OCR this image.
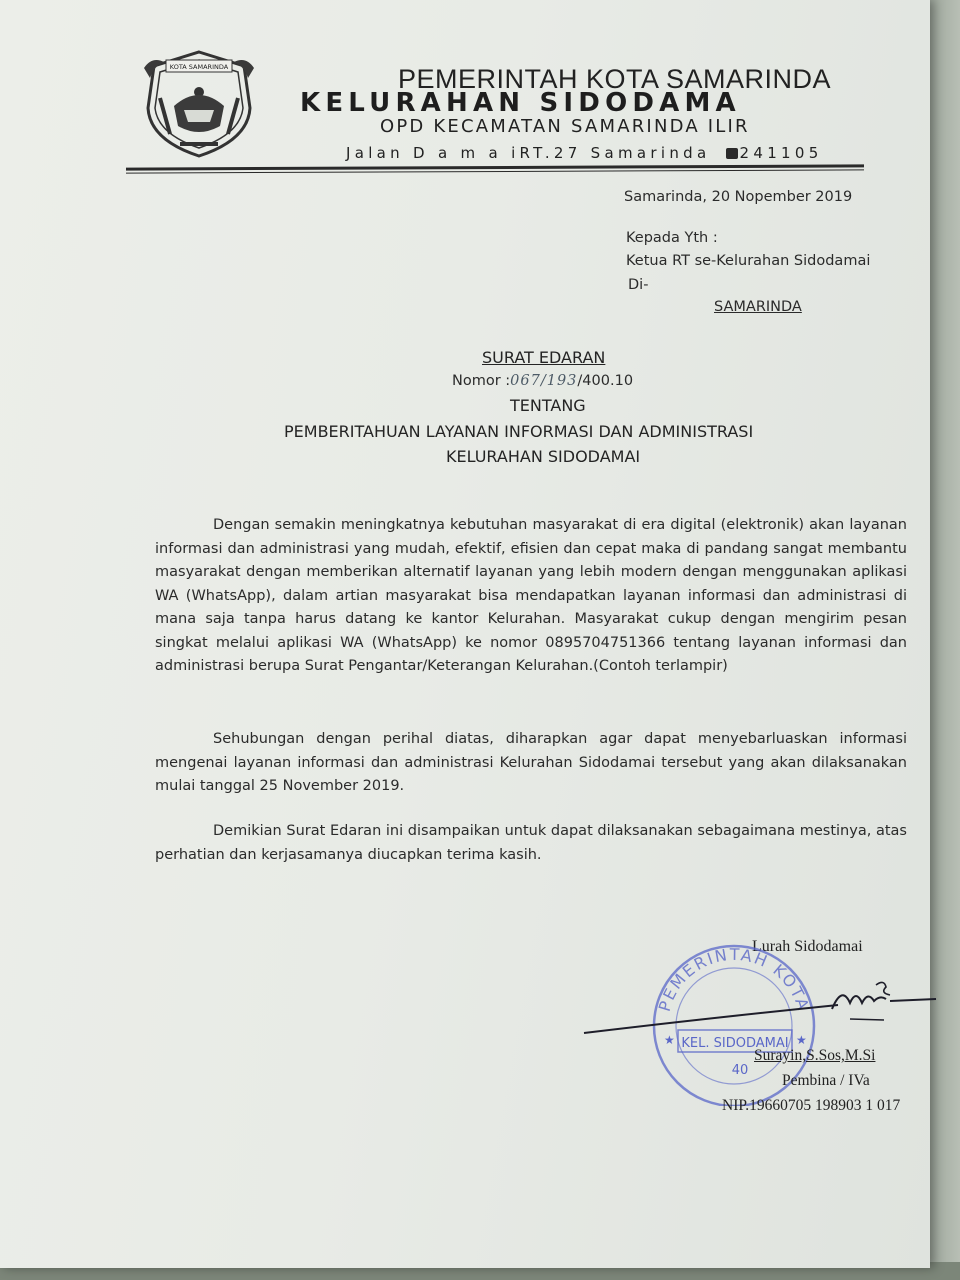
KOTA SAMARINDA	PEMERINTAH KOTA SAMARINDA
KELURAHAN SIDODAMA
OPD KECAMATAN SAMARINDA ILIR
Jalan D a m a iRT.27 Samarinda 241105
Samarinda, 20 Nopember 2019
Kepada Yth :
Ketua RT se-Kelurahan Sidodamai
Di-
SAMARINDA
SURAT EDARAN
Nomor :067/193/400.10
TENTANG
PEMBERITAHUAN LAYANAN INFORMASI DAN ADMINISTRASI
KELURAHAN SIDODAMAI
Dengan semakin meningkatnya kebutuhan masyarakat di era digital (elektronik) akan layanan informasi dan administrasi yang mudah, efektif, efisien dan cepat maka di pandang sangat membantu masyarakat dengan memberikan alternatif layanan yang lebih modern dengan menggunakan aplikasi WA (WhatsApp), dalam artian masyarakat bisa mendapatkan layanan informasi dan administrasi di mana saja tanpa harus datang ke kantor Kelurahan. Masyarakat cukup dengan mengirim pesan singkat melalui aplikasi WA (WhatsApp) ke nomor 0895704751366 tentang layanan informasi dan administrasi berupa Surat Pengantar/Keterangan Kelurahan.(Contoh terlampir)
Sehubungan dengan perihal diatas, diharapkan agar dapat menyebarluaskan informasi mengenai layanan informasi dan administrasi Kelurahan Sidodamai tersebut yang akan dilaksanakan mulai tanggal 25 November 2019.
Demikian Surat Edaran ini disampaikan untuk dapat dilaksanakan sebagaimana mestinya, atas perhatian dan kerjasamanya diucapkan terima kasih.
Lurah Sidodamai
PEMERINTAH KOTA
KEL. SIDODAMAI
40
★	★
Surayin,S.Sos,M.Si
Pembina / IVa
NIP.19660705 198903 1 017
